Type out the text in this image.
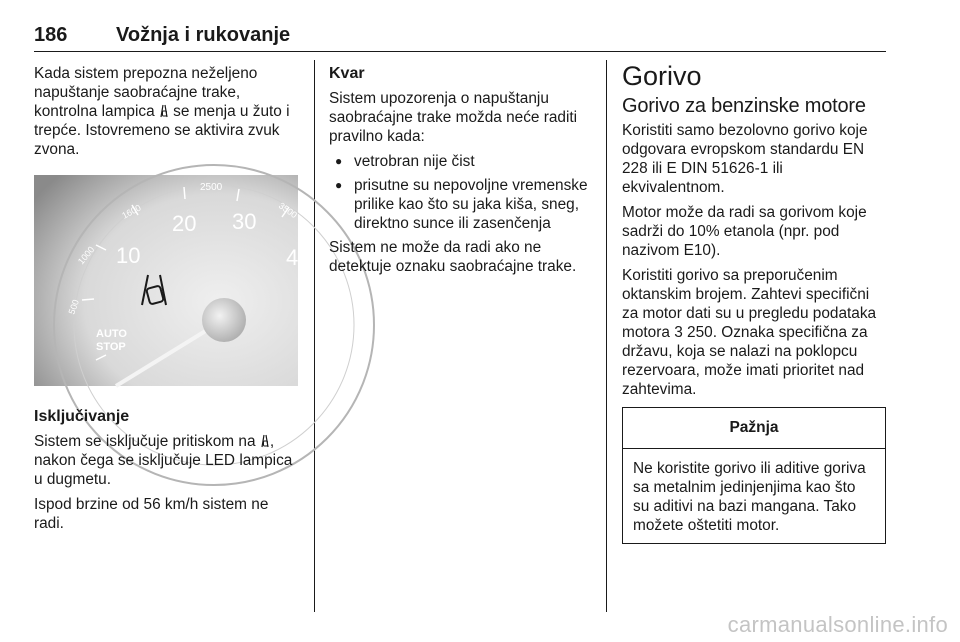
186 Vožnja i rukovanje

Kada sistem prepozna neželjeno napuštanje saobraćajne trake, kontrolna lampica  se menja u žuto i trepće. Istovremeno se aktivira zvuk zvona.

10
20 30
40
500
1000
1600
2500
3500
AUTO
STOP
Isključivanje

Sistem se isključuje pritiskom na , nakon čega se isključuje LED lampica u dugmetu.

Ispod brzine od 56 km/h sistem ne radi.

Kvar

Sistem upozorenja o napuštanju saobraćajne trake možda neće raditi pravilno kada:

● vetrobran nije čist
● prisutne su nepovoljne vremenske prilike kao što su jaka kiša, sneg, direktno sunce ili zasenčenja

Sistem ne može da radi ako ne detektuje oznaku saobraćajne trake.

Gorivo
Gorivo za benzinske motore

Koristiti samo bezolovno gorivo koje odgovara evropskom standardu EN 228 ili E DIN 51626-1 ili ekvivalentnom.

Motor može da radi sa gorivom koje sadrži do 10% etanola (npr. pod nazivom E10).

Koristiti gorivo sa preporučenim oktanskim brojem. Zahtevi specifični za motor dati su u pregledu podataka motora 3 250. Oznaka specifična za državu, koja se nalazi na poklopcu rezervoara, može imati prioritet nad zahtevima.

Pažnja
Ne koristite gorivo ili aditive goriva sa metalnim jedinjenjima kao što su aditivi na bazi mangana. Tako možete oštetiti motor.
carmanualsonline.info
